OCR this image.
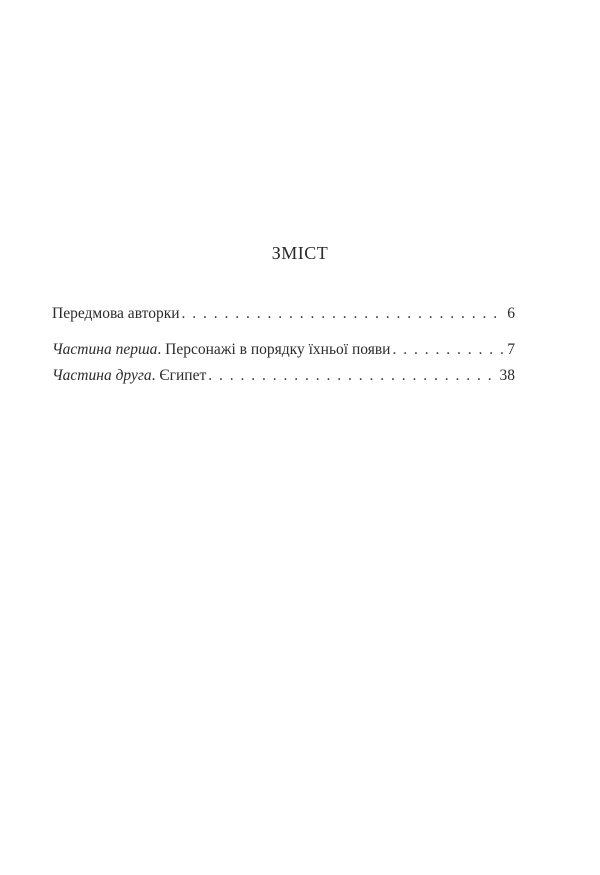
ЗМІСТ
Передмова авторки . . .	6
Частина перша. Персонажі в порядку їхньої появи . . .	7
Частина друга. Єгипет . . .	38
